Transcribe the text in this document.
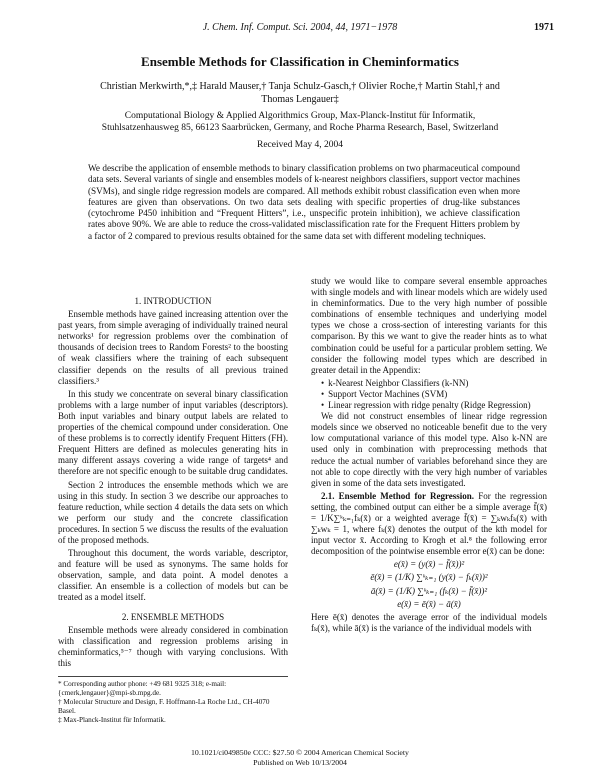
J. Chem. Inf. Comput. Sci. 2004, 44, 1971−1978	1971
Ensemble Methods for Classification in Cheminformatics
Christian Merkwirth,*,‡ Harald Mauser,† Tanja Schulz-Gasch,† Olivier Roche,† Martin Stahl,† and
Thomas Lengauer‡
Computational Biology & Applied Algorithmics Group, Max-Planck-Institut für Informatik,
Stuhlsatzenhausweg 85, 66123 Saarbrücken, Germany, and Roche Pharma Research, Basel, Switzerland
Received May 4, 2004
We describe the application of ensemble methods to binary classification problems on two pharmaceutical compound data sets. Several variants of single and ensembles models of k-nearest neighbors classifiers, support vector machines (SVMs), and single ridge regression models are compared. All methods exhibit robust classification even when more features are given than observations. On two data sets dealing with specific properties of drug-like substances (cytochrome P450 inhibition and “Frequent Hitters”, i.e., unspecific protein inhibition), we achieve classification rates above 90%. We are able to reduce the cross-validated misclassification rate for the Frequent Hitters problem by a factor of 2 compared to previous results obtained for the same data set with different modeling techniques.

1. INTRODUCTION

Ensemble methods have gained increasing attention over the past years, from simple averaging of individually trained neural networks¹ for regression problems over the combination of thousands of decision trees to Random Forests² to the boosting of weak classifiers where the training of each subsequent classifier depends on the results of all previous trained classifiers.³

In this study we concentrate on several binary classification problems with a large number of input variables (descriptors). Both input variables and binary output labels are related to properties of the chemical compound under consideration. One of these problems is to correctly identify Frequent Hitters (FH). Frequent Hitters are defined as molecules generating hits in many different assays covering a wide range of targets⁴ and therefore are not specific enough to be suitable drug candidates.

Section 2 introduces the ensemble methods which we are using in this study. In section 3 we describe our approaches to feature reduction, while section 4 details the data sets on which we perform our study and the concrete classification procedures. In section 5 we discuss the results of the evaluation of the proposed methods.

Throughout this document, the words variable, descriptor, and feature will be used as synonyms. The same holds for observation, sample, and data point. A model denotes a classifier. An ensemble is a collection of models but can be treated as a model itself.

2. ENSEMBLE METHODS

Ensemble methods were already considered in combination with classification and regression problems arising in cheminformatics,⁵⁻⁷ though with varying conclusions. With this

* Corresponding author phone: +49 681 9325 318; e-mail: {cmerk,lengauer}@mpi-sb.mpg.de.
† Molecular Structure and Design, F. Hoffmann-La Roche Ltd., CH-4070 Basel.
‡ Max-Planck-Institut für Informatik.

study we would like to compare several ensemble approaches with single models and with linear models which are widely used in cheminformatics. Due to the very high number of possible combinations of ensemble techniques and underlying model types we chose a cross-section of interesting variants for this comparison. By this we want to give the reader hints as to what combination could be useful for a particular problem setting. We consider the following model types which are described in greater detail in the Appendix:

• k-Nearest Neighbor Classifiers (k-NN)
• Support Vector Machines (SVM)
• Linear regression with ridge penalty (Ridge Regression)

We did not construct ensembles of linear ridge regression models since we observed no noticeable benefit due to the very low computational variance of this model type. Also k-NN are used only in combination with preprocessing methods that reduce the actual number of variables beforehand since they are not able to cope directly with the very high number of variables given in some of the data sets investigated.

2.1. Ensemble Method for Regression. For the regression setting, the combined output can either be a simple average f̄(x̄) = 1/K∑ᵏₖ₌₁fₖ(x̄) or a weighted average f̄(x̄) = ∑ₖwₖfₖ(x̄) with ∑ₖwₖ = 1, where fₖ(x̄) denotes the output of the kth model for input vector x̄. According to Krogh et al.⁸ the following error decomposition of the pointwise ensemble error e(x̄) can be done:

e(x̄) = (y(x̄) − f̄(x̄))²

ē(x̄) = (1/K) ∑ᵏₖ₌₁ (y(x̄) − fₖ(x̄))²

ā(x̄) = (1/K) ∑ᵏₖ₌₁ (fₖ(x̄) − f̄(x̄))²

e(x̄) = ē(x̄) − ā(x̄)

Here ē(x̄) denotes the average error of the individual models fₖ(x̄), while ā(x̄) is the variance of the individual models with

10.1021/ci049850e CCC: $27.50 © 2004 American Chemical Society
Published on Web 10/13/2004
